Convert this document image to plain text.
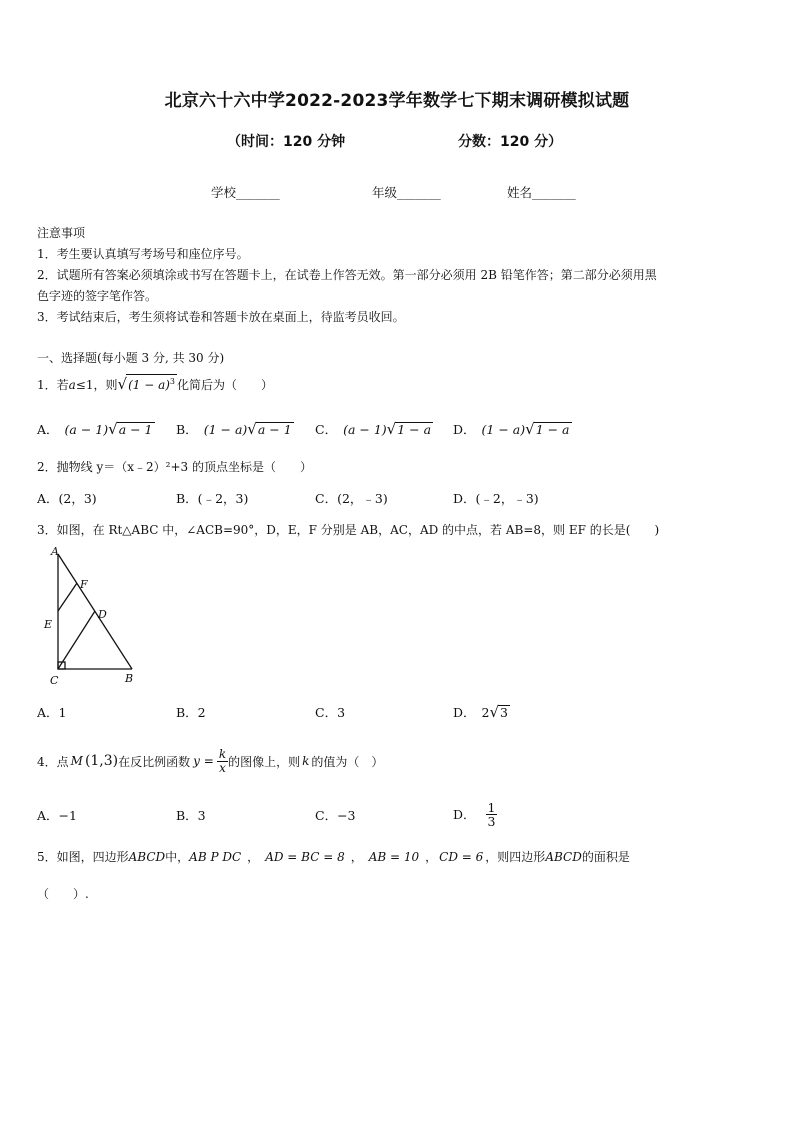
北京六十六中学2022-2023学年数学七下期末调研模拟试题
（时间：120 分钟	分数：120 分）
学校_______	年级_______	姓名_______
注意事项
1．考生要认真填写考场号和座位序号。
2．试题所有答案必须填涂或书写在答题卡上，在试卷上作答无效。第一部分必须用 2B 铅笔作答；第二部分必须用黑
色字迹的签字笔作答。
3．考试结束后，考生须将试卷和答题卡放在桌面上，待监考员收回。
一、选择题(每小题 3 分, 共 30 分)
1．若a≤1，则$√(1 - a)^3$ 化简后为（　　）
A． (a − 1)√a − 1 B． (1 − a)√a − 1 C． (a − 1)√1 − a D． (1 − a)√1 − a
2．抛物线 y＝（x﹣2）²+3 的顶点坐标是（　　）
A．(2，3)	B．(﹣2，3)	C．(2，﹣3)	D．(﹣2，﹣3)
3．如图，在 Rt△ABC 中，∠ACB=90°，D，E，F 分别是 AB，AC，AD 的中点，若 AB=8，则 EF 的长是(　　)
A
F
D
E
C	B
A．1	B．2	C．3	D． 2√3
4．点 M (1,3) 在反比例函数 $y = \frac{k}{x}$ 的图像上，则 k 的值为（　）
A．−1	B．3	C．−3	D． $\frac{1}{3}$
5．如图，四边形ABCD中，AB P DC ， AD = BC = 8 ， AB = 10 ， CD = 6 ，则四边形ABCD的面积是
（　　）.
